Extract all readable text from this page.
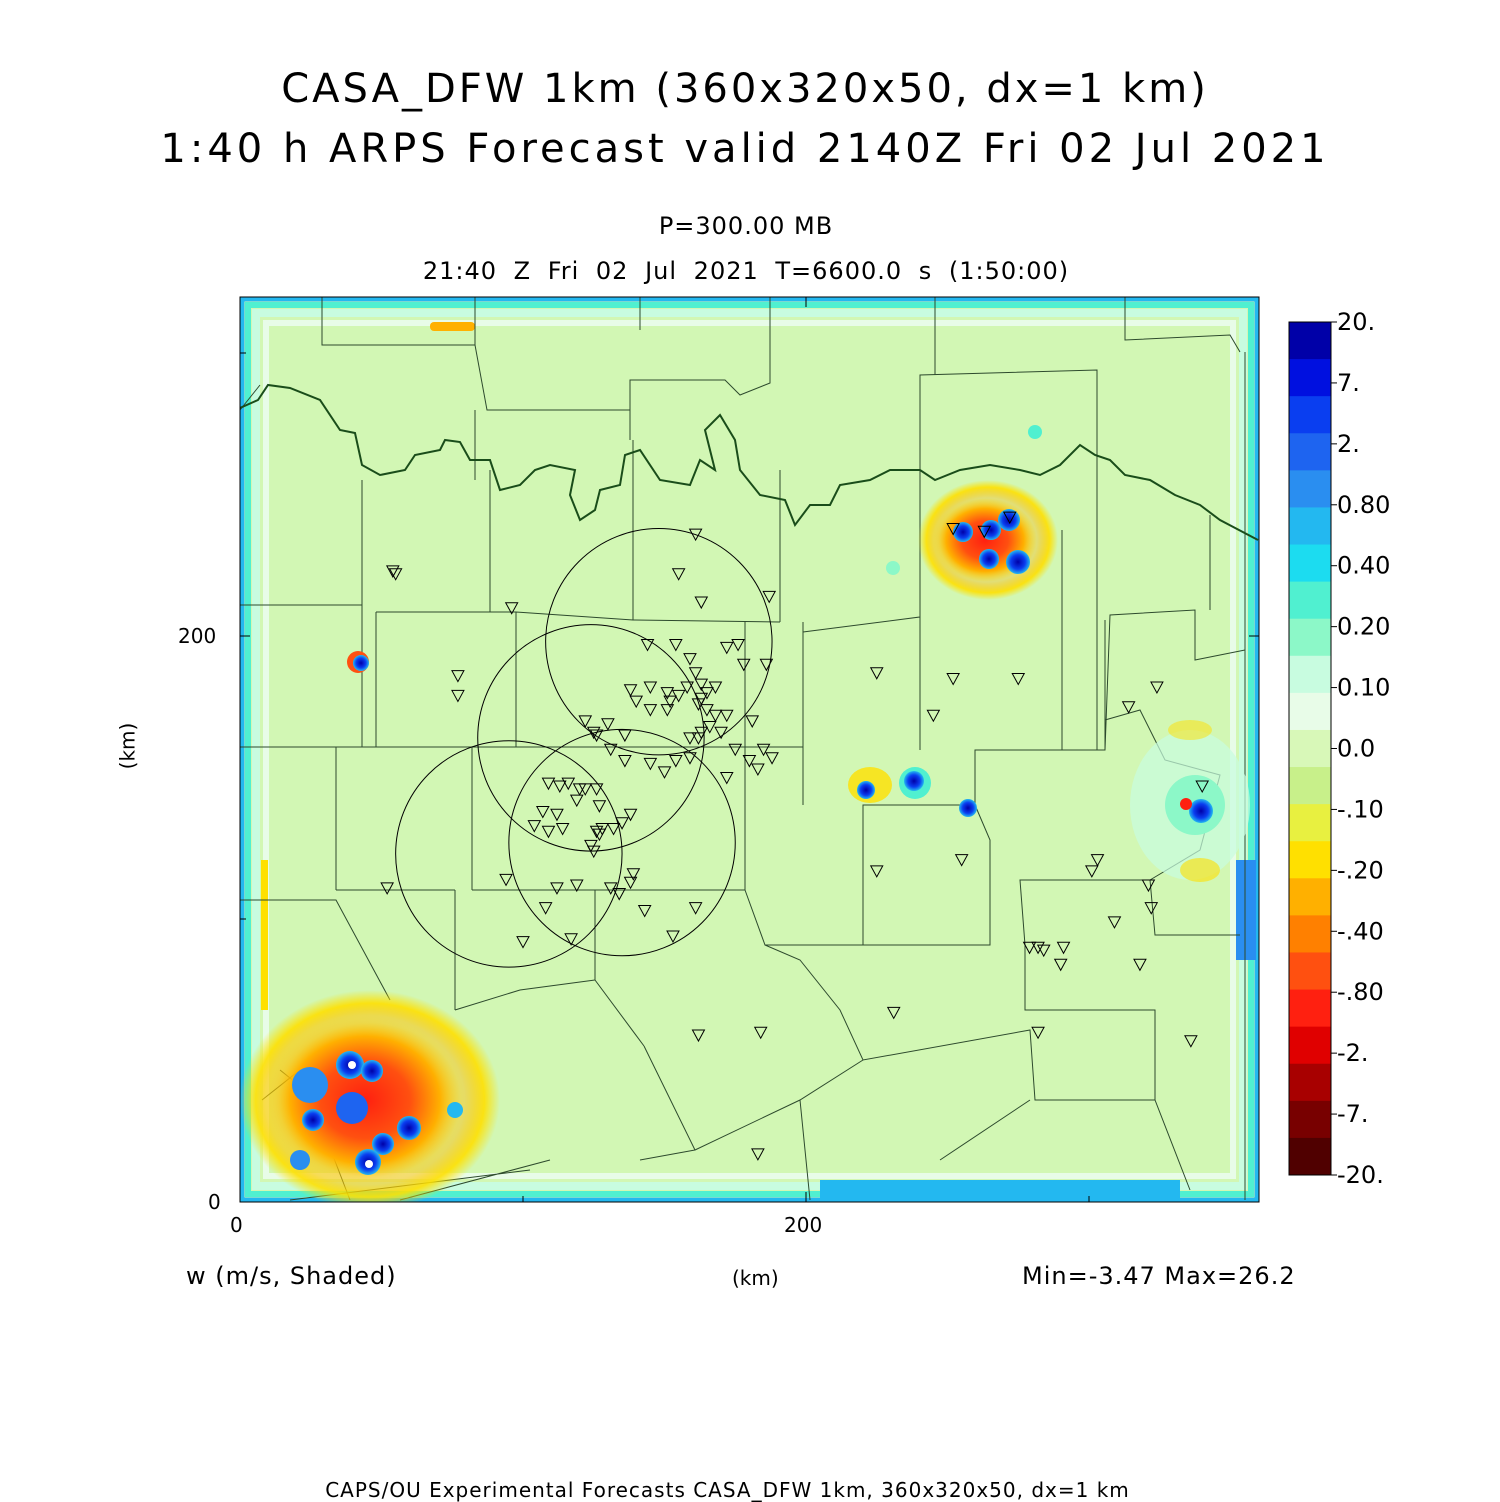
CASA_DFW 1km (360x320x50, dx=1 km)
1:40 h ARPS Forecast valid 2140Z Fri 02 Jul 2021
P=300.00 MB
21:40 Z Fri 02 Jul 2021 T=6600.0 s (1:50:00)
20.
7.
2.
0.80
0.40
0.20
0.10
0.0
-.10
-.20
-.40
-.80
-2.
-7.
-20.
0	200
0
200
(km)
(km)
w (m/s, Shaded)	Min=-3.47 Max=26.2
CAPS/OU Experimental Forecasts CASA_DFW 1km, 360x320x50, dx=1 km
